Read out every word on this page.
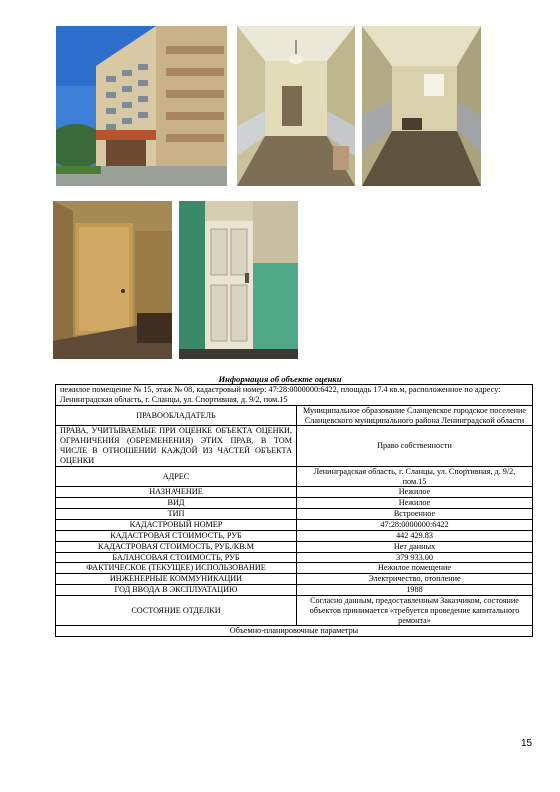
Информация об объекте оценки
нежилое помещение № 15, этаж № 08, кадастровый номер: 47:28:0000000:6422, площадь 17.4 кв.м, расположенное по адресу: Ленинградская область, г. Сланцы, ул. Спортивная, д. 9/2, пом.15	
ПРАВООБЛАДАТЕЛЬ	Муниципальное образование Сланцевское городское поселение Сланцевского муниципального района Ленинградской области
ПРАВА, УЧИТЫВАЕМЫЕ ПРИ ОЦЕНКЕ ОБЪЕКТА ОЦЕНКИ, ОГРАНИЧЕНИЯ (ОБРЕМЕНЕНИЯ) ЭТИХ ПРАВ, В ТОМ ЧИСЛЕ В ОТНОШЕНИИ КАЖДОЙ ИЗ ЧАСТЕЙ ОБЪЕКТА ОЦЕНКИ	Право собственности
АДРЕС	Ленинградская область, г. Сланцы, ул. Спортивная, д. 9/2, пом.15
НАЗНАЧЕНИЕ	Нежилое
ВИД	Нежилое
ТИП	Встроенное
КАДАСТРОВЫЙ НОМЕР	47:28:0000000:6422
КАДАСТРОВАЯ СТОИМОСТЬ, РУБ	442 429.83
КАДАСТРОВАЯ СТОИМОСТЬ, РУБ./КВ.М	Нет данных
БАЛАНСОВАЯ СТОИМОСТЬ, РУБ	379 933.00
ФАКТИЧЕСКОЕ (ТЕКУЩЕЕ) ИСПОЛЬЗОВАНИЕ	Нежилое помещение
ИНЖЕНЕРНЫЕ КОММУНИКАЦИИ	Электричество, отопление
ГОД ВВОДА В ЭКСПЛУАТАЦИЮ	1988
СОСТОЯНИЕ ОТДЕЛКИ	Согласно данным, предоставленным Заказчиком, состояние объектов принимается «требуется проведение капитального ремонта»
Объемно-планировочные параметры	
15
